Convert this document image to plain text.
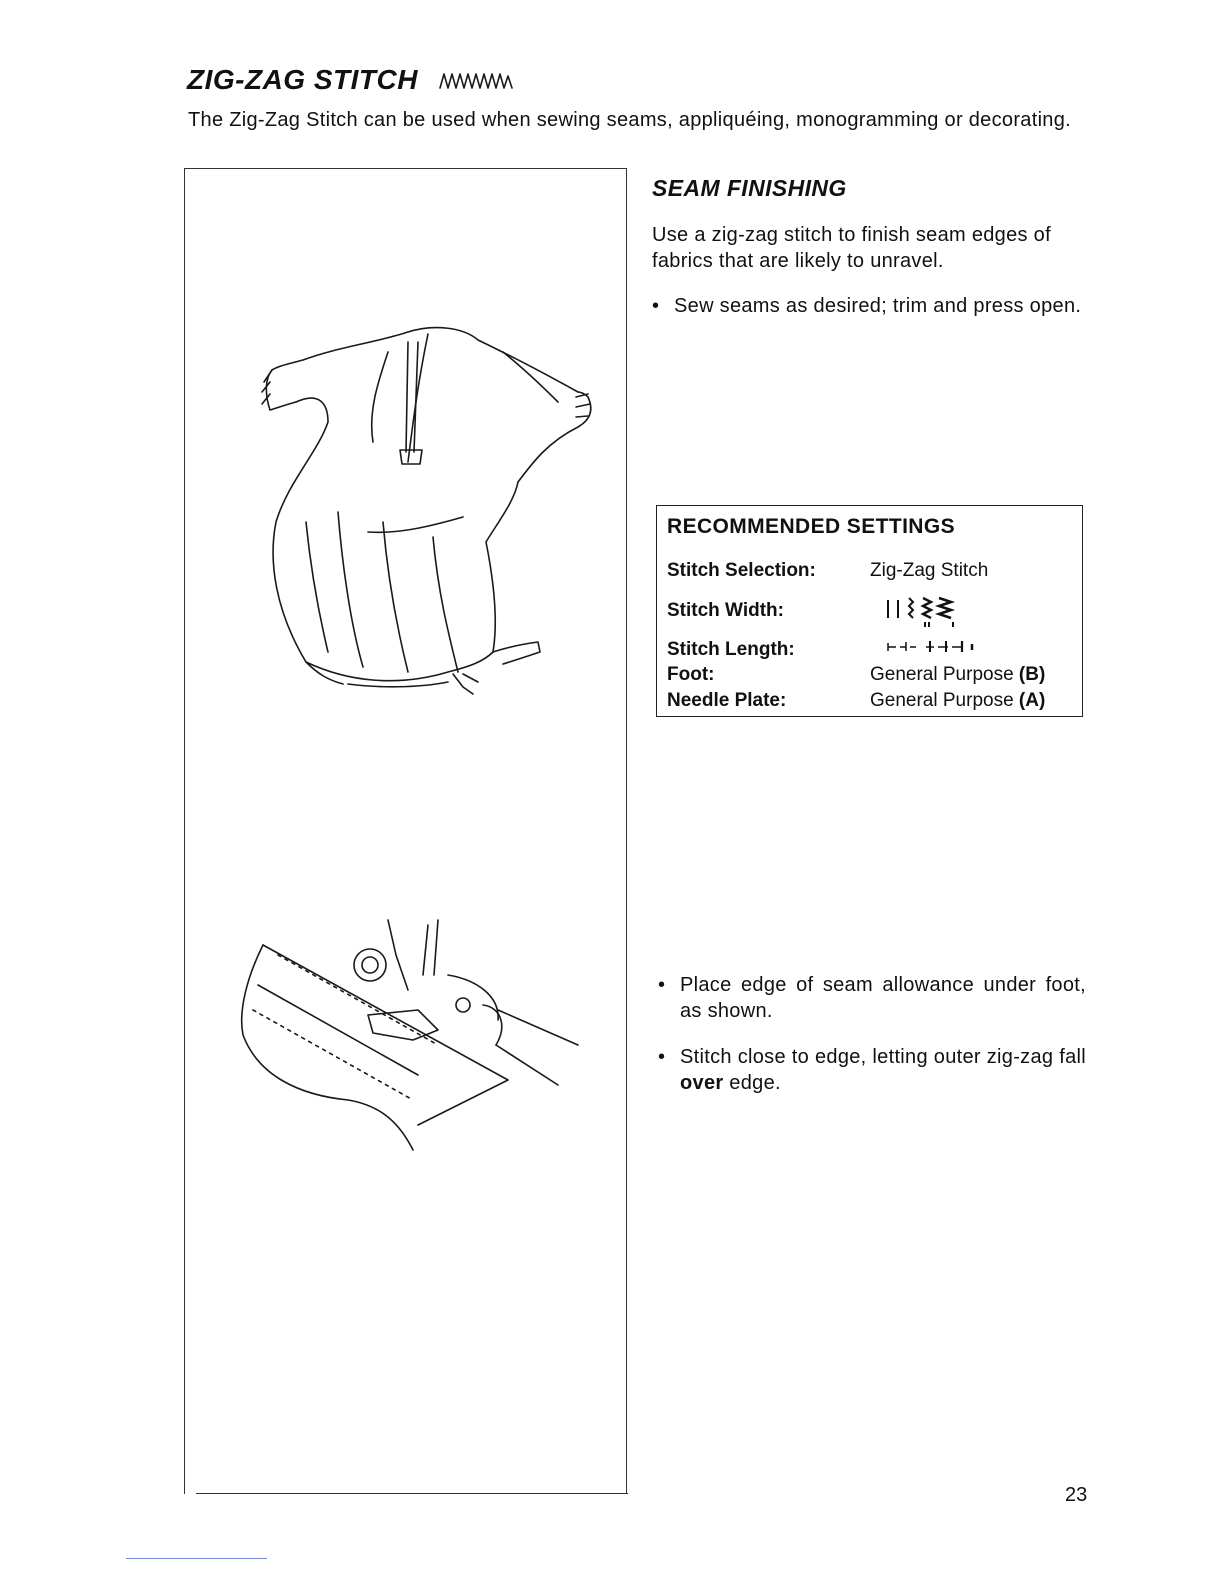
ZIG-ZAG STITCH

The Zig-Zag Stitch can be used when sewing seams, appliquéing, monogramming or decorating.

SEAM FINISHING

Use a zig-zag stitch to finish seam edges of fabrics that are likely to unravel.

• Sew seams as desired; trim and press open.
RECOMMENDED SETTINGS
Stitch Selection:	Zig-Zag Stitch
Stitch Width:
Stitch Length:
Foot:	General Purpose (B)
Needle Plate:	General Purpose (A)
• Place edge of seam allowance under foot, as shown.
• Stitch close to edge, letting outer zig-zag fall over edge.
23
